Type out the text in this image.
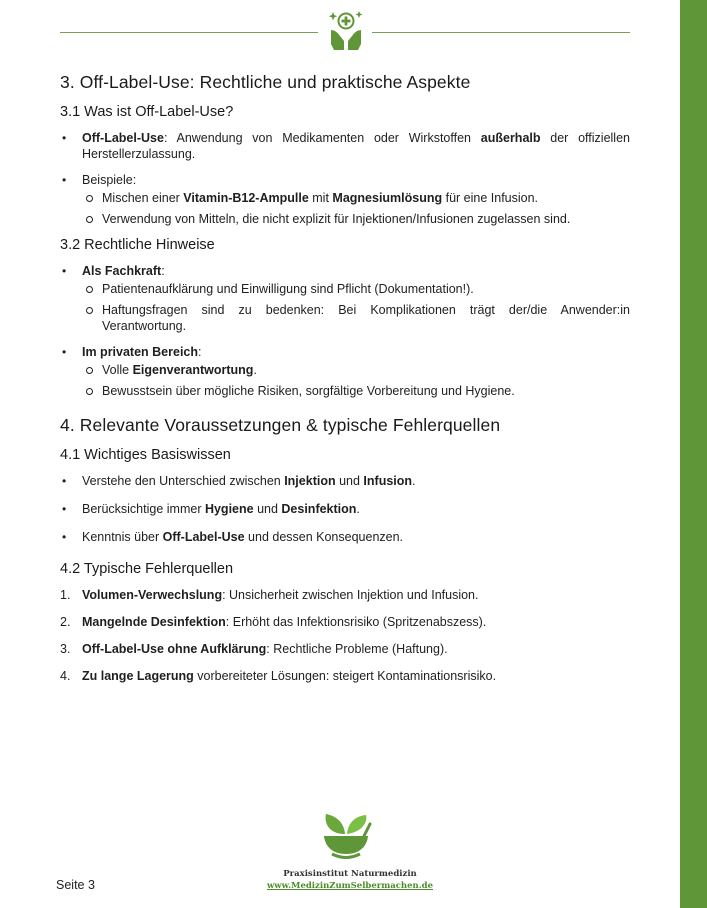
3. Off-Label-Use: Rechtliche und praktische Aspekte
3.1 Was ist Off-Label-Use?
• Off-Label-Use: Anwendung von Medikamenten oder Wirkstoffen außerhalb der offiziellen Herstellerzulassung.
• Beispiele:
Mischen einer Vitamin-B12-Ampulle mit Magnesiumlösung für eine Infusion.
Verwendung von Mitteln, die nicht explizit für Injektionen/Infusionen zugelassen sind.
3.2 Rechtliche Hinweise
• Als Fachkraft:
Patientenaufklärung und Einwilligung sind Pflicht (Dokumentation!).
Haftungsfragen sind zu bedenken: Bei Komplikationen trägt der/die Anwender:in Verantwortung.
• Im privaten Bereich:
Volle Eigenverantwortung.
Bewusstsein über mögliche Risiken, sorgfältige Vorbereitung und Hygiene.
4. Relevante Voraussetzungen & typische Fehlerquellen
4.1 Wichtiges Basiswissen
• Verstehe den Unterschied zwischen Injektion und Infusion.
• Berücksichtige immer Hygiene und Desinfektion.
• Kenntnis über Off-Label-Use und dessen Konsequenzen.
4.2 Typische Fehlerquellen
1. Volumen-Verwechslung: Unsicherheit zwischen Injektion und Infusion.
2. Mangelnde Desinfektion: Erhöht das Infektionsrisiko (Spritzenabszess).
3. Off-Label-Use ohne Aufklärung: Rechtliche Probleme (Haftung).
4. Zu lange Lagerung vorbereiteter Lösungen: steigert Kontaminationsrisiko.
Praxisinstitut Naturmedizin
www.MedizinZumSelbermachen.de
Seite 3
